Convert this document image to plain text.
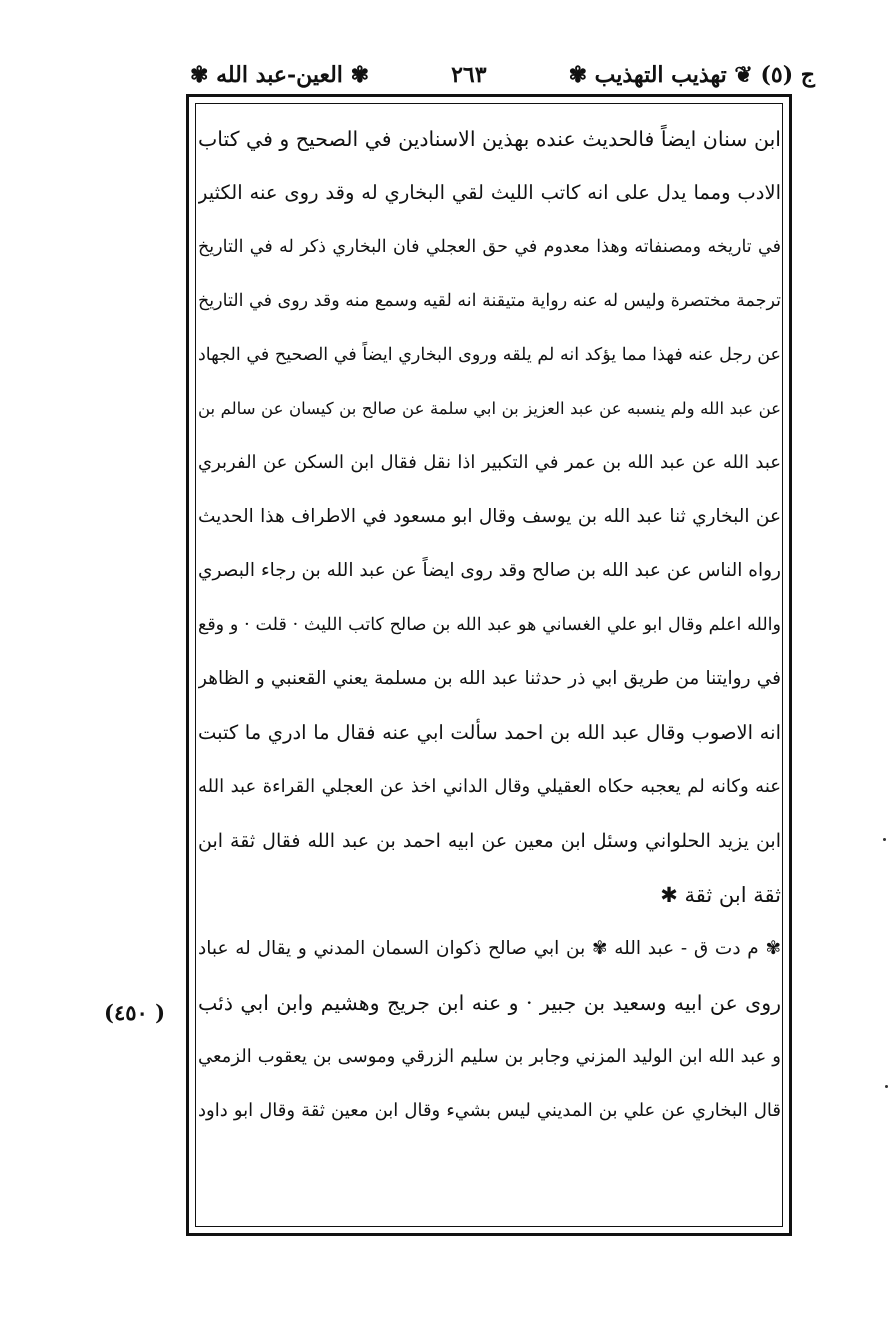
ج (٥) ❦ تهذيب التهذيب ✾
٢٦٣
✾ العين-عبد الله ✾
( ٤٥٠)
ابن سنان ايضاً فالحديث عنده بهذين الاسنادين في الصحيح و في كتاب
الادب ومما يدل على انه كاتب الليث لقي البخاري له وقد روى عنه الكثير
في تاريخه ومصنفاته وهذا معدوم في حق العجلي فان البخاري ذكر له في التاريخ
ترجمة مختصرة وليس له عنه رواية متيقنة انه لقيه وسمع منه وقد روى في التاريخ
عن رجل عنه فهذا مما يؤكد انه لم يلقه وروى البخاري ايضاً في الصحيح في الجهاد
عن عبد الله ولم ينسبه عن عبد العزيز بن ابي سلمة عن صالح بن كيسان عن سالم بن
عبد الله عن عبد الله بن عمر في التكبير اذا نقل فقال ابن السكن عن الفربري
عن البخاري ثنا عبد الله بن يوسف وقال ابو مسعود في الاطراف هذا الحديث
رواه الناس عن عبد الله بن صالح وقد روى ايضاً عن عبد الله بن رجاء البصري
والله اعلم وقال ابو علي الغساني هو عبد الله بن صالح كاتب الليث · قلت · و وقع
في روايتنا من طريق ابي ذر حدثنا عبد الله بن مسلمة يعني القعنبي و الظاهر
انه الاصوب وقال عبد الله بن احمد سألت ابي عنه فقال ما ادري ما كتبت
عنه وكانه لم يعجبه حكاه العقيلي وقال الداني اخذ عن العجلي القراءة عبد الله
ابن يزيد الحلواني وسئل ابن معين عن ابيه احمد بن عبد الله فقال ثقة ابن
ثقة ابن ثقة ✱
✾ م دت ق - عبد الله ✾ بن ابي صالح ذكوان السمان المدني و يقال له عباد
روى عن ابيه وسعيد بن جبير · و عنه ابن جريج وهشيم وابن ابي ذئب
و عبد الله ابن الوليد المزني وجابر بن سليم الزرقي وموسى بن يعقوب الزمعي
قال البخاري عن علي بن المديني ليس بشيء وقال ابن معين ثقة وقال ابو داود
